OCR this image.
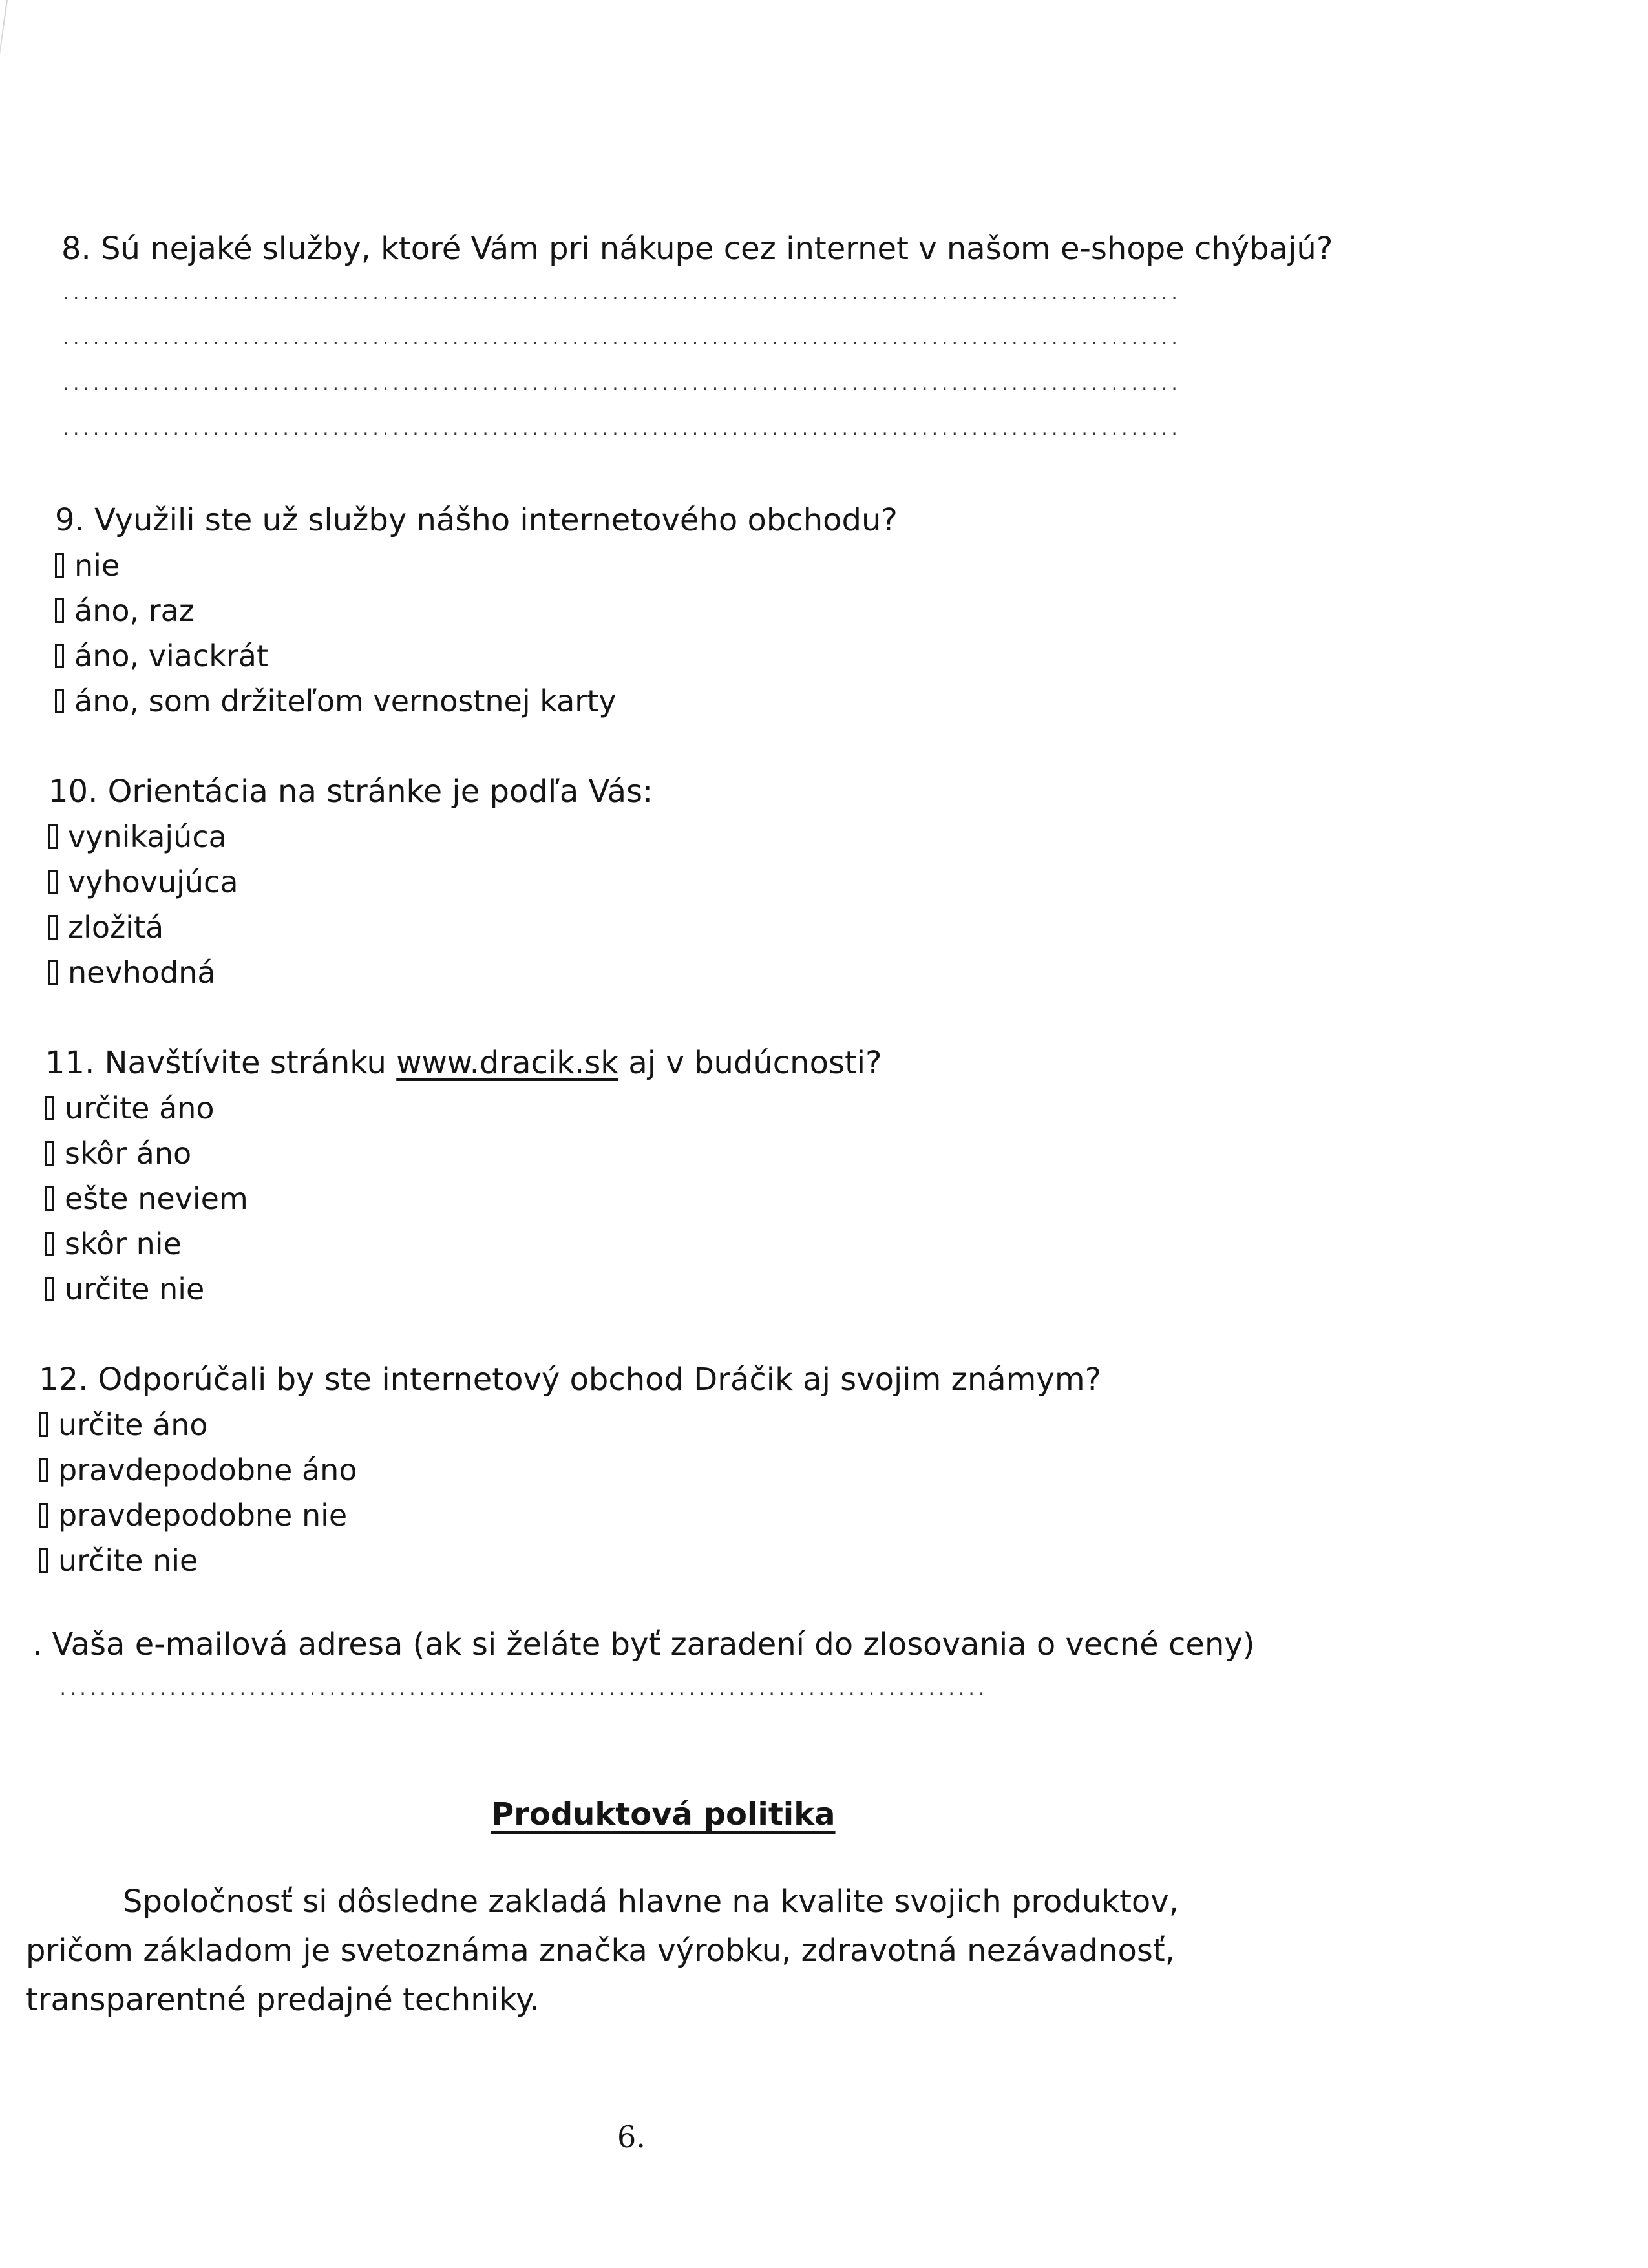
8. Sú nejaké služby, ktoré Vám pri nákupe cez internet v našom e-shope chýbajú?

................................................................................................................
................................................................................................................
................................................................................................................
................................................................................................................

9. Využili ste už služby nášho internetového obchodu?

nie
áno, raz
áno, viackrát
áno, som držiteľom vernostnej karty

10. Orientácia na stránke je podľa Vás:

vynikajúca
vyhovujúca
zložitá
nevhodná

11. Navštívite stránku www.dracik.sk aj v budúcnosti?

určite áno
skôr áno
ešte neviem
skôr nie
určite nie

12. Odporúčali by ste internetový obchod Dráčik aj svojim známym?

určite áno
pravdepodobne áno
pravdepodobne nie
určite nie

. Vaša e-mailová adresa (ak si želáte byť zaradení do zlosovania o vecné ceny)

.............................................................................................
Produktová politika
Spoločnosť si dôsledne zakladá hlavne na kvalite svojich produktov, pričom základom je svetoznáma značka výrobku, zdravotná nezávadnosť, transparentné predajné techniky.
6.
